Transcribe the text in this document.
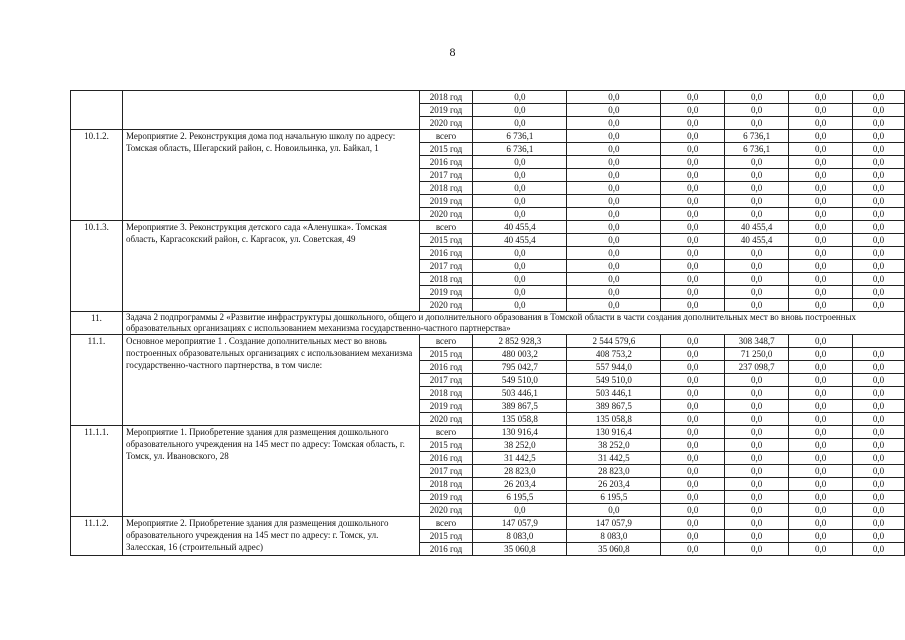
8
		2018 год	0,0	0,0	0,0	0,0	0,0	0,0
		2019 год	0,0	0,0	0,0	0,0	0,0	0,0
		2020 год	0,0	0,0	0,0	0,0	0,0	0,0
10.1.2.	Мероприятие 2. Реконструкция дома под начальную школу по адресу: Томская область, Шегарский район, с. Новоильинка, ул. Байкал, 1	всего	6 736,1	0,0	0,0	6 736,1	0,0	0,0
		2015 год	6 736,1	0,0	0,0	6 736,1	0,0	0,0
		2016 год	0,0	0,0	0,0	0,0	0,0	0,0
		2017 год	0,0	0,0	0,0	0,0	0,0	0,0
		2018 год	0,0	0,0	0,0	0,0	0,0	0,0
		2019 год	0,0	0,0	0,0	0,0	0,0	0,0
		2020 год	0,0	0,0	0,0	0,0	0,0	0,0
10.1.3.	Мероприятие 3. Реконструкция детского сада «Аленушка». Томская область, Каргасокский район, с. Каргасок, ул. Советская, 49	всего	40 455,4	0,0	0,0	40 455,4	0,0	0,0
		2015 год	40 455,4	0,0	0,0	40 455,4	0,0	0,0
		2016 год	0,0	0,0	0,0	0,0	0,0	0,0
		2017 год	0,0	0,0	0,0	0,0	0,0	0,0
		2018 год	0,0	0,0	0,0	0,0	0,0	0,0
		2019 год	0,0	0,0	0,0	0,0	0,0	0,0
		2020 год	0,0	0,0	0,0	0,0	0,0	0,0
11.	Задача 2 подпрограммы 2 «Развитие инфраструктуры дошкольного, общего и дополнительного образования в Томской области в части создания дополнительных мест во вновь построенных образовательных организациях с использованием механизма государственно-частного партнерства»							
11.1.	Основное мероприятие 1 . Создание дополнительных мест во вновь построенных образовательных организациях с использованием механизма государственно-частного партнерства, в том числе:	всего	2 852 928,3	2 544 579,6	0,0	308 348,7	0,0	
		2015 год	480 003,2	408 753,2	0,0	71 250,0	0,0	0,0
		2016 год	795 042,7	557 944,0	0,0	237 098,7	0,0	0,0
		2017 год	549 510,0	549 510,0	0,0	0,0	0,0	0,0
		2018 год	503 446,1	503 446,1	0,0	0,0	0,0	0,0
		2019 год	389 867,5	389 867,5	0,0	0,0	0,0	0,0
		2020 год	135 058,8	135 058,8	0,0	0,0	0,0	0,0
11.1.1.	Мероприятие 1. Приобретение здания для размещения дошкольного образовательного учреждения на 145 мест по адресу: Томская область, г. Томск, ул. Ивановского, 28	всего	130 916,4	130 916,4	0,0	0,0	0,0	0,0
		2015 год	38 252,0	38 252,0	0,0	0,0	0,0	0,0
		2016 год	31 442,5	31 442,5	0,0	0,0	0,0	0,0
		2017 год	28 823,0	28 823,0	0,0	0,0	0,0	0,0
		2018 год	26 203,4	26 203,4	0,0	0,0	0,0	0,0
		2019 год	6 195,5	6 195,5	0,0	0,0	0,0	0,0
		2020 год	0,0	0,0	0,0	0,0	0,0	0,0
11.1.2.	Мероприятие 2. Приобретение здания для размещения дошкольного образовательного учреждения на 145 мест по адресу: г. Томск, ул. Залесская, 16 (строительный адрес)	всего	147 057,9	147 057,9	0,0	0,0	0,0	0,0
		2015 год	8 083,0	8 083,0	0,0	0,0	0,0	0,0
		2016 год	35 060,8	35 060,8	0,0	0,0	0,0	0,0
